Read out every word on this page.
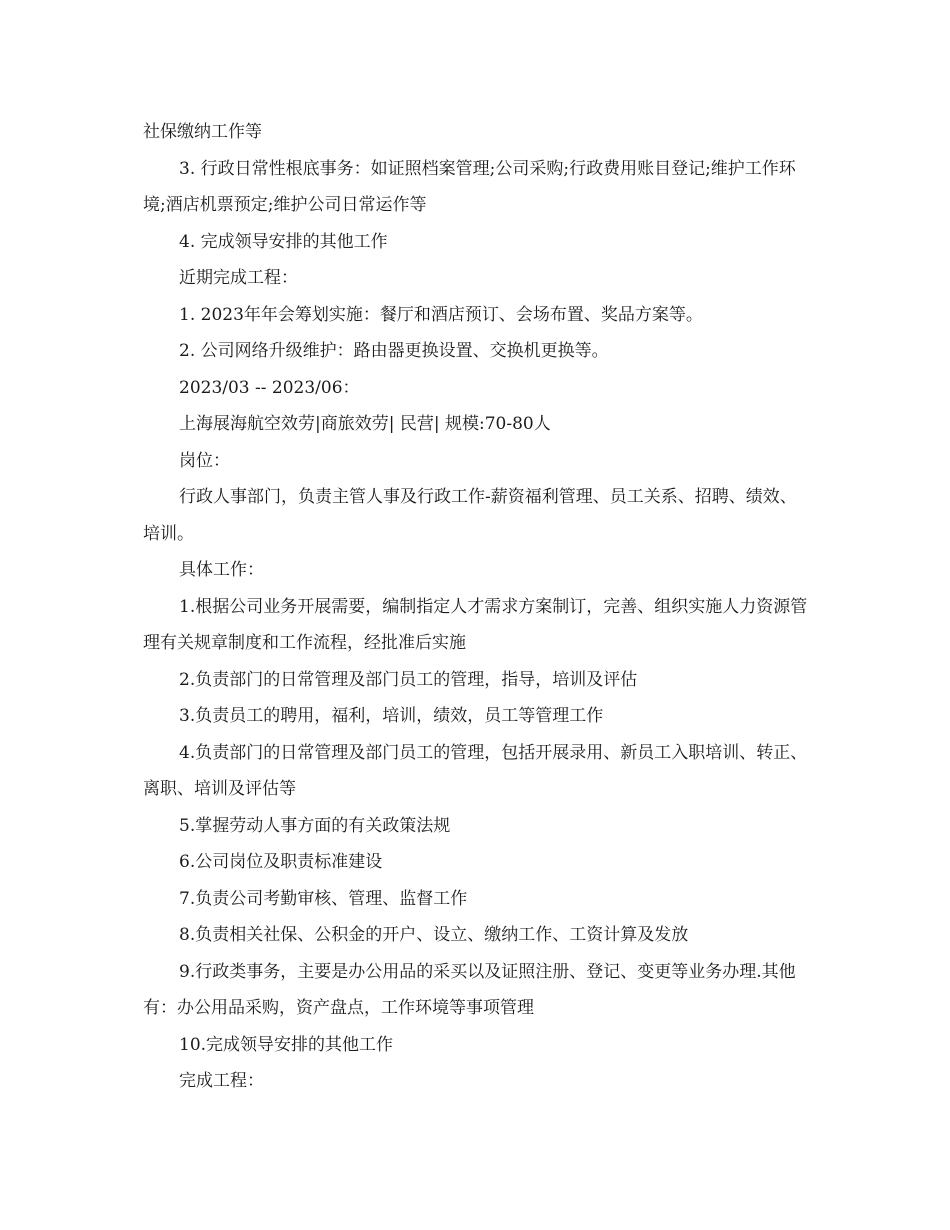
社保缴纳工作等

3. 行政日常性根底事务：如证照档案管理;公司采购;行政费用账目登记;维护工作环境;酒店机票预定;维护公司日常运作等

4. 完成领导安排的其他工作

近期完成工程：

1. 2023年年会筹划实施：餐厅和酒店预订、会场布置、奖品方案等。

2. 公司网络升级维护：路由器更换设置、交换机更换等。

2023/03 -- 2023/06：

上海展海航空效劳|商旅效劳| 民营| 规模:70-80人

岗位：

行政人事部门，负责主管人事及行政工作-薪资福利管理、员工关系、招聘、绩效、培训。

具体工作：

1.根据公司业务开展需要，编制指定人才需求方案制订，完善、组织实施人力资源管理有关规章制度和工作流程，经批准后实施

2.负责部门的日常管理及部门员工的管理，指导，培训及评估

3.负责员工的聘用，福利，培训，绩效，员工等管理工作

4.负责部门的日常管理及部门员工的管理，包括开展录用、新员工入职培训、转正、离职、培训及评估等

5.掌握劳动人事方面的有关政策法规

6.公司岗位及职责标准建设

7.负责公司考勤审核、管理、监督工作

8.负责相关社保、公积金的开户、设立、缴纳工作、工资计算及发放

9.行政类事务，主要是办公用品的采买以及证照注册、登记、变更等业务办理.其他有：办公用品采购，资产盘点，工作环境等事项管理

10.完成领导安排的其他工作

完成工程：
